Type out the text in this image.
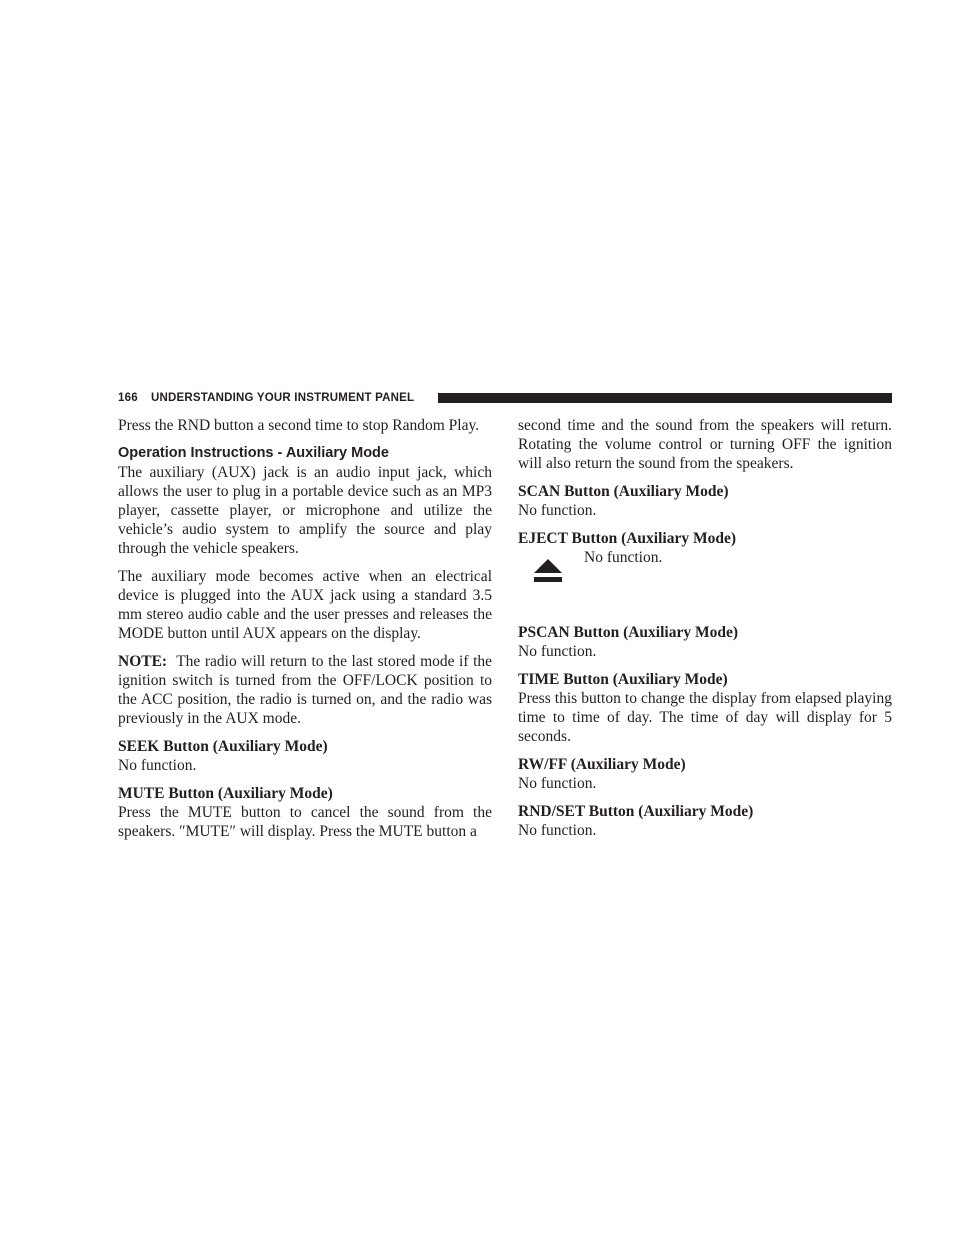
166 UNDERSTANDING YOUR INSTRUMENT PANEL

Press the RND button a second time to stop Random Play.

Operation Instructions - Auxiliary Mode

The auxiliary (AUX) jack is an audio input jack, which allows the user to plug in a portable device such as an MP3 player, cassette player, or microphone and utilize the vehicle’s audio system to amplify the source and play through the vehicle speakers.

The auxiliary mode becomes active when an electrical device is plugged into the AUX jack using a standard 3.5 mm stereo audio cable and the user presses and releases the MODE button until AUX appears on the display.

NOTE: The radio will return to the last stored mode if the ignition switch is turned from the OFF/LOCK position to the ACC position, the radio is turned on, and the radio was previously in the AUX mode.

SEEK Button (Auxiliary Mode)

No function.

MUTE Button (Auxiliary Mode)

Press the MUTE button to cancel the sound from the speakers. ″MUTE″ will display. Press the MUTE button a

second time and the sound from the speakers will return. Rotating the volume control or turning OFF the ignition will also return the sound from the speakers.

SCAN Button (Auxiliary Mode)

No function.

EJECT Button (Auxiliary Mode)
No function.
PSCAN Button (Auxiliary Mode)

No function.

TIME Button (Auxiliary Mode)

Press this button to change the display from elapsed playing time to time of day. The time of day will display for 5 seconds.

RW/FF (Auxiliary Mode)

No function.

RND/SET Button (Auxiliary Mode)

No function.
